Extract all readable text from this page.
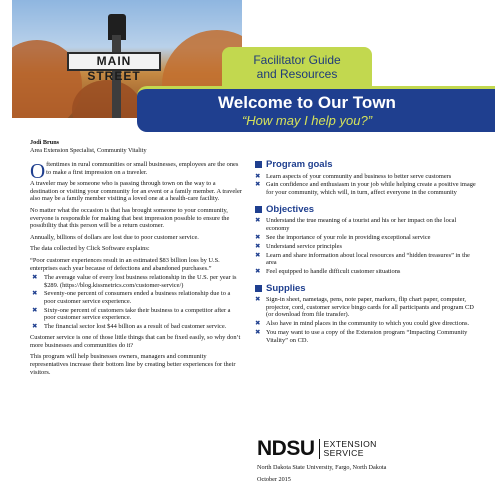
MAIN STREET
Facilitator Guide
and Resources
Welcome to Our Town
“How may I help you?”
Jodi Bruns
Area Extension Specialist, Community Vitality

Oftentimes in rural communities or small businesses, employees are the ones to make a first impression on a traveler.

A traveler may be someone who is passing through town on the way to a destination or visiting your community for an event or a family member. A traveler also may be a family member visiting a loved one at a health-care facility.

No matter what the occasion is that has brought someone to your community, everyone is responsible for making that best impression possible to ensure the possibility that this person will be a return customer.

Annually, billions of dollars are lost due to poor customer service.

The data collected by Click Software explains:

“Poor customer experiences result in an estimated $83 billion loss by U.S. enterprises each year because of defections and abandoned purchases.”

✖ The average value of every lost business relationship in the U.S. per year is $289. (https://blog.kissmetrics.com/customer-service/)
✖ Seventy-one percent of consumers ended a business relationship due to a poor customer service experience.
✖ Sixty-one percent of customers take their business to a competitor after a poor customer service experience.
✖ The financial sector lost $44 billion as a result of bad customer service.

Customer service is one of those little things that can be fixed easily, so why don’t more businesses and communities do it?

This program will help businesses owners, managers and community representatives increase their bottom line by creating better experiences for their visitors.

Program goals
✖ Learn aspects of your community and business to better serve customers
✖ Gain confidence and enthusiasm in your job while helping create a positive image for your community, which will, in turn, affect everyone in the community
Objectives
✖ Understand the true meaning of a tourist and his or her impact on the local economy
✖ See the importance of your role in providing exceptional service
✖ Understand service principles
✖ Learn and share information about local resources and “hidden treasures” in the area
✖ Feel equipped to handle difficult customer situations
Supplies
✖ Sign-in sheet, nametags, pens, note paper, markers, flip chart paper, computer, projector, cord, customer service bingo cards for all participants and program CD (or download from file transfer).
✖ Also have in mind places in the community to which you could give directions.
✖ You may want to use a copy of the Extension program “Impacting Community Vitality” on CD.
NDSU EXTENSION
SERVICE
North Dakota State University, Fargo, North Dakota
October 2015
